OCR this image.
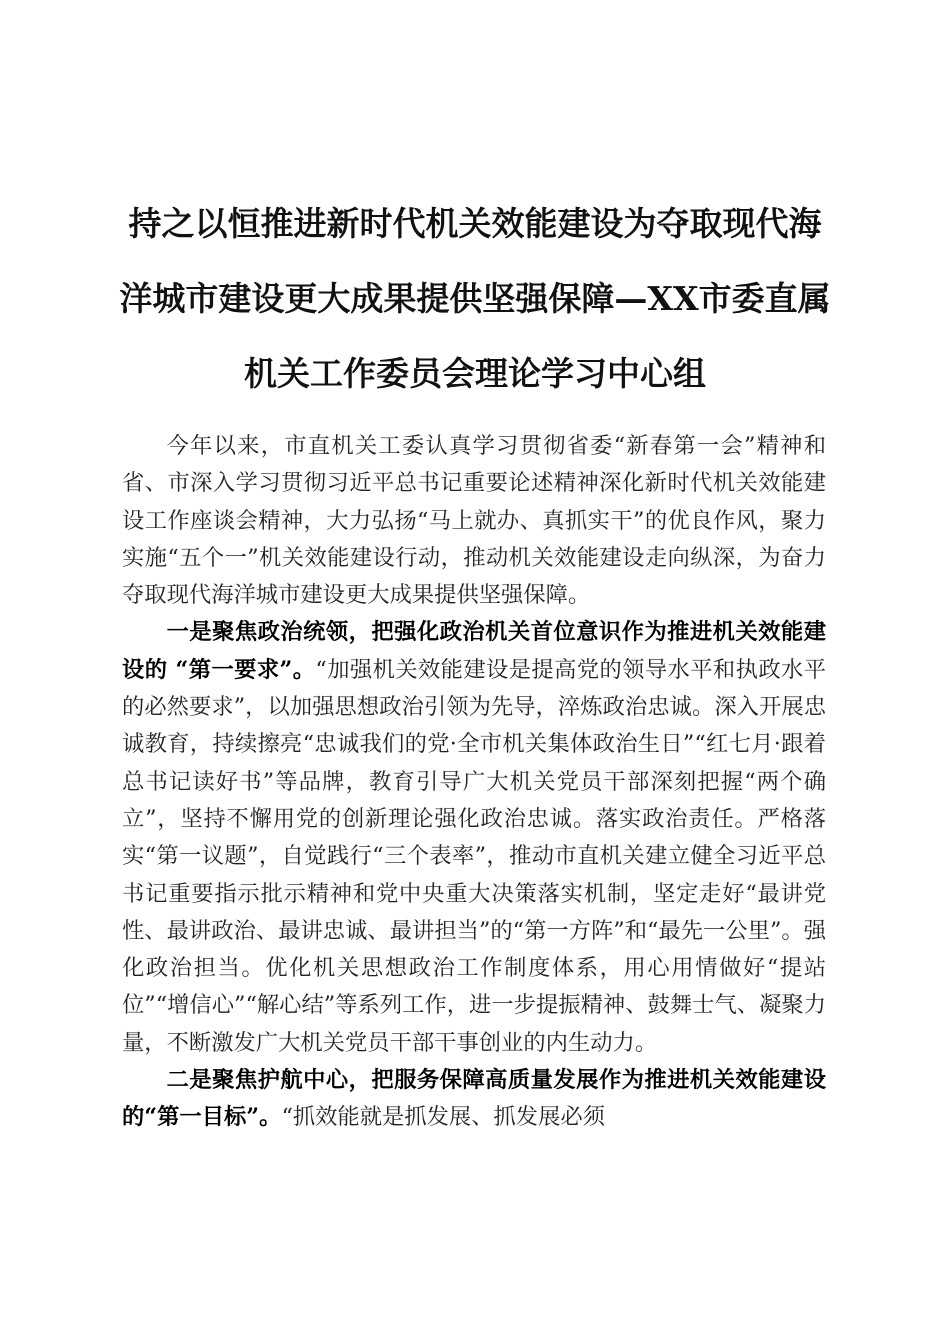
持之以恒推进新时代机关效能建设为夺取现代海洋城市建设更大成果提供坚强保障—XX市委直属机关工作委员会理论学习中心组

今年以来，市直机关工委认真学习贯彻省委“新春第一会”精神和省、市深入学习贯彻习近平总书记重要论述精神深化新时代机关效能建设工作座谈会精神，大力弘扬“马上就办、真抓实干”的优良作风，聚力实施“五个一”机关效能建设行动，推动机关效能建设走向纵深，为奋力夺取现代海洋城市建设更大成果提供坚强保障。

一是聚焦政治统领，把强化政治机关首位意识作为推进机关效能建设的 “第一要求”。“加强机关效能建设是提高党的领导水平和执政水平的必然要求”，以加强思想政治引领为先导，淬炼政治忠诚。深入开展忠诚教育，持续擦亮“忠诚我们的党·全市机关集体政治生日”“红七月·跟着总书记读好书”等品牌，教育引导广大机关党员干部深刻把握“两个确立”，坚持不懈用党的创新理论强化政治忠诚。落实政治责任。严格落实“第一议题”，自觉践行“三个表率”，推动市直机关建立健全习近平总书记重要指示批示精神和党中央重大决策落实机制，坚定走好“最讲党性、最讲政治、最讲忠诚、最讲担当”的“第一方阵”和“最先一公里”。强化政治担当。优化机关思想政治工作制度体系，用心用情做好“提站位”“增信心”“解心结”等系列工作，进一步提振精神、鼓舞士气、凝聚力量，不断激发广大机关党员干部干事创业的内生动力。

二是聚焦护航中心，把服务保障高质量发展作为推进机关效能建设的“第一目标”。“抓效能就是抓发展、抓发展必须
